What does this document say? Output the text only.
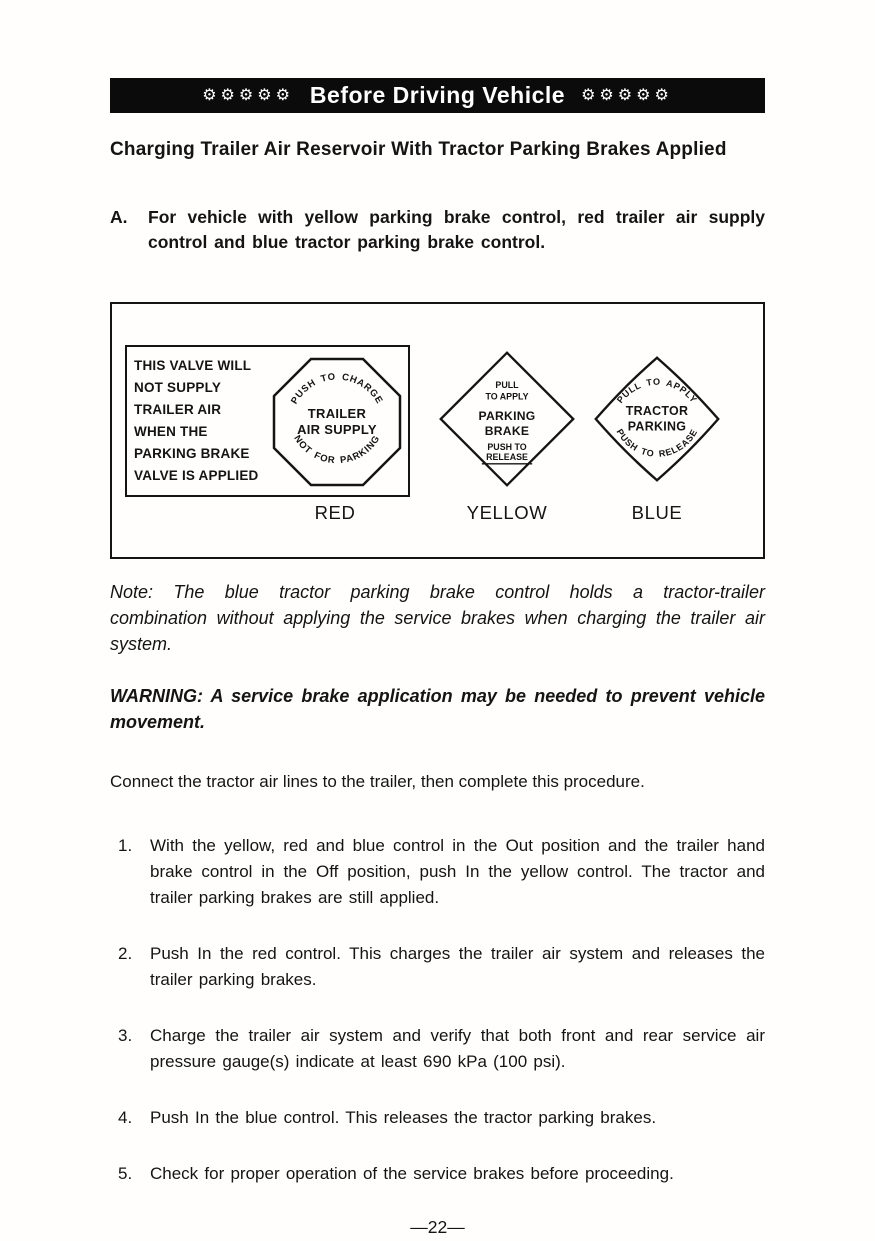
⚙⚙⚙⚙⚙ Before Driving Vehicle ⚙⚙⚙⚙⚙
Charging Trailer Air Reservoir With Tractor Parking Brakes Applied
A.	For vehicle with yellow parking brake control, red trailer air supply control and blue tractor parking brake control.
THIS VALVE WILL
NOT SUPPLY
TRAILER AIR
WHEN THE
PARKING BRAKE
VALVE IS APPLIED
PUSH TO CHARGE
TRAILER
AIR SUPPLY
NOT FOR PARKING
PULL
TO APPLY
PARKING
BRAKE
PUSH TO
RELEASE
PULL TO APPLY
TRACTOR
PARKING
PUSH TO RELEASE
RED	YELLOW	BLUE

Note: The blue tractor parking brake control holds a tractor-trailer combination without applying the service brakes when charging the trailer air system.

WARNING: A service brake application may be needed to prevent vehicle movement.

Connect the tractor air lines to the trailer, then complete this procedure.

1.	With the yellow, red and blue control in the Out position and the trailer hand brake control in the Off position, push In the yellow control. The tractor and trailer parking brakes are still applied.
2.	Push In the red control. This charges the trailer air system and releases the trailer parking brakes.
3.	Charge the trailer air system and verify that both front and rear service air pressure gauge(s) indicate at least 690 kPa (100 psi).
4.	Push In the blue control. This releases the tractor parking brakes.
5.	Check for proper operation of the service brakes before proceeding.
—22—
